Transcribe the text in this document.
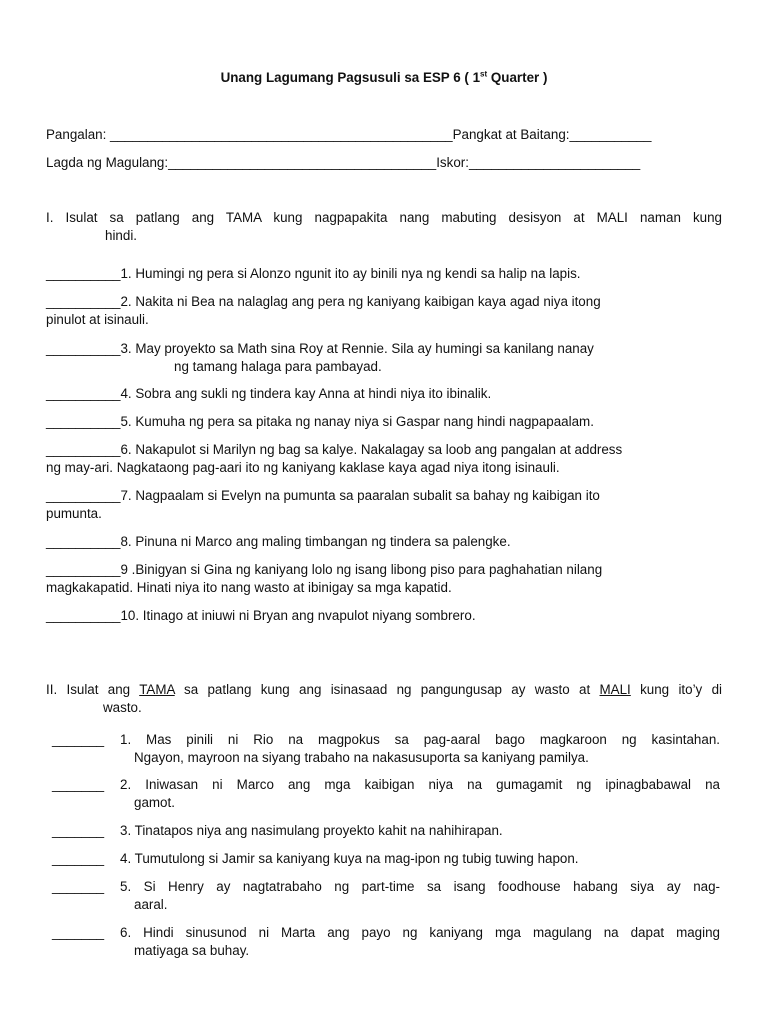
Unang Lagumang Pagsusuli sa ESP 6 ( 1st Quarter )
Pangalan: ______________________________________________Pangkat at Baitang:___________
Lagda ng Magulang:____________________________________Iskor:_______________________
I. Isulat sa patlang ang TAMA kung nagpapakita nang mabuting desisyon at MALI naman kung
hindi.
__________1. Humingi ng pera si Alonzo ngunit ito ay binili nya ng kendi sa halip na lapis.
__________2. Nakita ni Bea na nalaglag ang pera ng kaniyang kaibigan kaya agad niya itong
pinulot at isinauli.
__________3. May proyekto sa Math sina Roy at Rennie. Sila ay humingi sa kanilang nanay
ng tamang halaga para pambayad.
__________4. Sobra ang sukli ng tindera kay Anna at hindi niya ito ibinalik.
__________5. Kumuha ng pera sa pitaka ng nanay niya si Gaspar nang hindi nagpapaalam.
__________6. Nakapulot si Marilyn ng bag sa kalye. Nakalagay sa loob ang pangalan at address
ng may-ari. Nagkataong pag-aari ito ng kaniyang kaklase kaya agad niya itong isinauli.
__________7. Nagpaalam si Evelyn na pumunta sa paaralan subalit sa bahay ng kaibigan ito
pumunta.
__________8. Pinuna ni Marco ang maling timbangan ng tindera sa palengke.
__________9 .Binigyan si Gina ng kaniyang lolo ng isang libong piso para paghahatian nilang
magkakapatid. Hinati niya ito nang wasto at ibinigay sa mga kapatid.
__________10. Itinago at iniuwi ni Bryan ang nvapulot niyang sombrero.
II. Isulat ang TAMA sa patlang kung ang isinasaad ng pangungusap ay wasto at MALI kung ito’y di
wasto.
_______	1. Mas pinili ni Rio na magpokus sa pag-aaral bago magkaroon ng kasintahan.
Ngayon, mayroon na siyang trabaho na nakasusuporta sa kaniyang pamilya.
_______	2. Iniwasan ni Marco ang mga kaibigan niya na gumagamit ng ipinagbabawal na
gamot.
_______ 3. Tinatapos niya ang nasimulang proyekto kahit na nahihirapan.
_______ 4. Tumutulong si Jamir sa kaniyang kuya na mag-ipon ng tubig tuwing hapon.
_______	5. Si Henry ay nagtatrabaho ng part-time sa isang foodhouse habang siya ay nag-
aaral.
_______	6. Hindi sinusunod ni Marta ang payo ng kaniyang mga magulang na dapat maging
matiyaga sa buhay.
